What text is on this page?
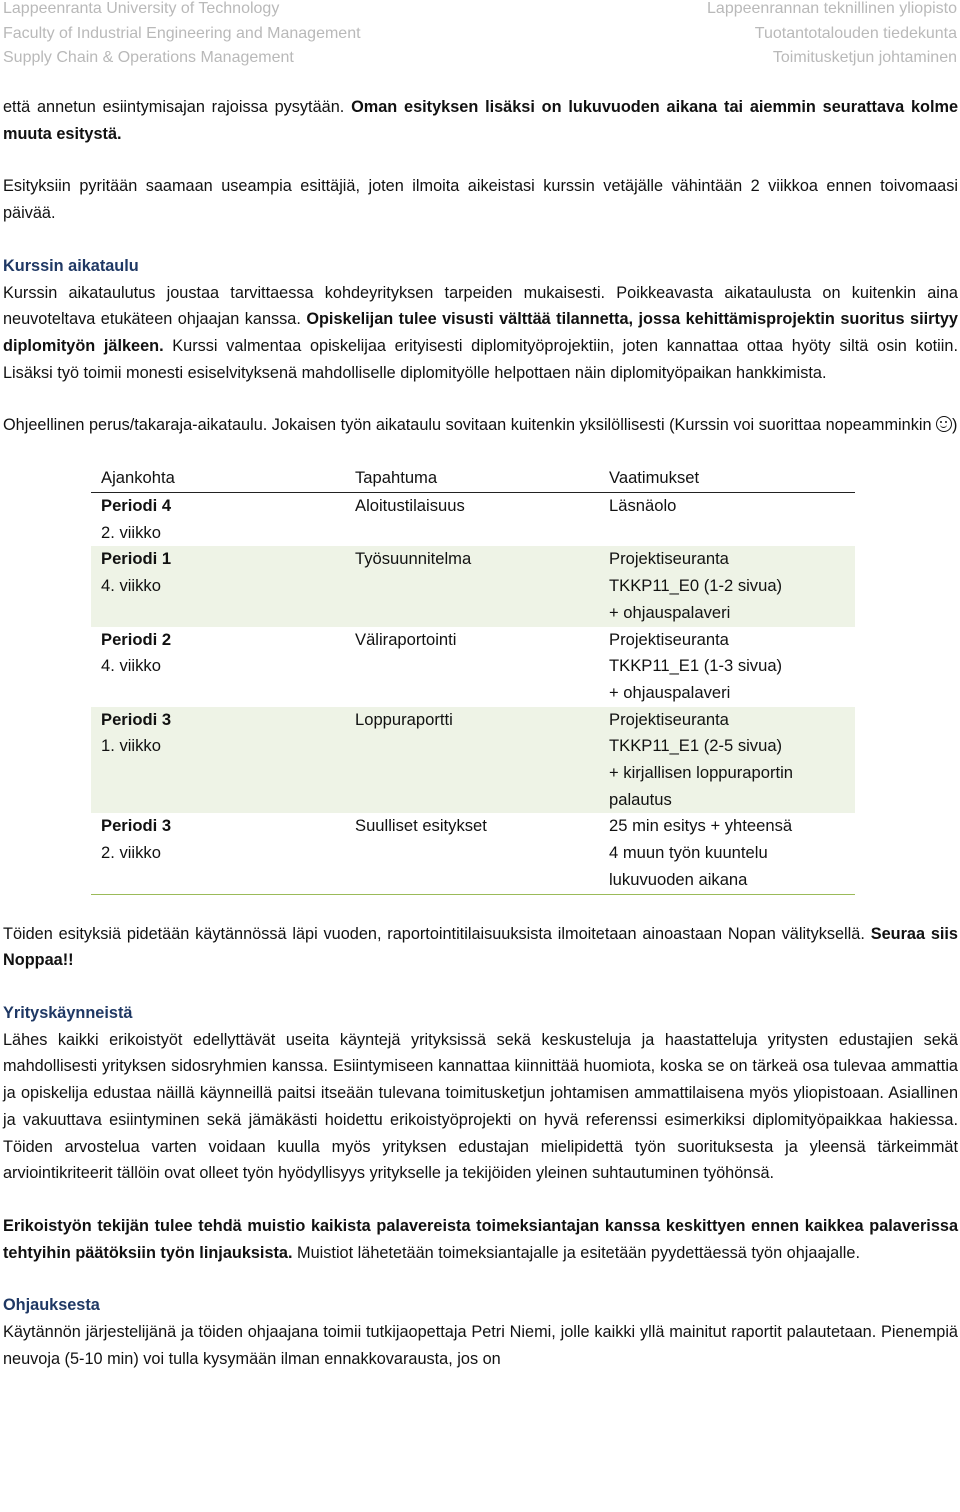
Lappeenranta University of Technology
Faculty of Industrial Engineering and Management
Supply Chain & Operations Management
Lappeenrannan teknillinen yliopisto
Tuotantotalouden tiedekunta
Toimitusketjun johtaminen

että annetun esiintymisajan rajoissa pysytään. Oman esityksen lisäksi on lukuvuoden aikana tai aiemmin seurattava kolme muuta esitystä.

Esityksiin pyritään saamaan useampia esittäjiä, joten ilmoita aikeistasi kurssin vetäjälle vähintään 2 viikkoa ennen toivomaasi päivää.

Kurssin aikataulu

Kurssin aikataulutus joustaa tarvittaessa kohdeyrityksen tarpeiden mukaisesti. Poikkeavasta aikataulusta on kuitenkin aina neuvoteltava etukäteen ohjaajan kanssa. Opiskelijan tulee visusti välttää tilannetta, jossa kehittämisprojektin suoritus siirtyy diplomityön jälkeen. Kurssi valmentaa opiskelijaa erityisesti diplomityöprojektiin, joten kannattaa ottaa hyöty siltä osin kotiin. Lisäksi työ toimii monesti esiselvityksenä mahdolliselle diplomityölle helpottaen näin diplomityöpaikan hankkimista.

Ohjeellinen perus/takaraja-aikataulu. Jokaisen työn aikataulu sovitaan kuitenkin yksilöllisesti (Kurssin voi suorittaa nopeamminkin )

Ajankohta	Tapahtuma	Vaatimukset

Periodi 4
2. viikko	Aloitustilaisuus	Läsnäolo

Periodi 1
4. viikko	Työsuunnitelma	Projektiseuranta
TKKP11_E0 (1-2 sivua)
+ ohjauspalaveri

Periodi 2
4. viikko	Väliraportointi	Projektiseuranta
TKKP11_E1 (1-3 sivua)
+ ohjauspalaveri

Periodi 3
1. viikko	Loppuraportti	Projektiseuranta
TKKP11_E1 (2-5 sivua)
+ kirjallisen loppuraportin
palautus

Periodi 3
2. viikko	Suulliset esitykset	25 min esitys + yhteensä
4 muun työn kuuntelu
lukuvuoden aikana

Töiden esityksiä pidetään käytännössä läpi vuoden, raportointitilaisuuksista ilmoitetaan ainoastaan Nopan välityksellä. Seuraa siis Noppaa!!

Yrityskäynneistä

Lähes kaikki erikoistyöt edellyttävät useita käyntejä yrityksissä sekä keskusteluja ja haastatteluja yritysten edustajien sekä mahdollisesti yrityksen sidosryhmien kanssa. Esiintymiseen kannattaa kiinnittää huomiota, koska se on tärkeä osa tulevaa ammattia ja opiskelija edustaa näillä käynneillä paitsi itseään tulevana toimitusketjun johtamisen ammattilaisena myös yliopistoaan. Asiallinen ja vakuuttava esiintyminen sekä jämäkästi hoidettu erikoistyöprojekti on hyvä referenssi esimerkiksi diplomityöpaikkaa hakiessa. Töiden arvostelua varten voidaan kuulla myös yrityksen edustajan mielipidettä työn suorituksesta ja yleensä tärkeimmät arviointikriteerit tällöin ovat olleet työn hyödyllisyys yritykselle ja tekijöiden yleinen suhtautuminen työhönsä.

Erikoistyön tekijän tulee tehdä muistio kaikista palavereista toimeksiantajan kanssa keskittyen ennen kaikkea palaverissa tehtyihin päätöksiin työn linjauksista. Muistiot lähetetään toimeksiantajalle ja esitetään pyydettäessä työn ohjaajalle.

Ohjauksesta

Käytännön järjestelijänä ja töiden ohjaajana toimii tutkijaopettaja Petri Niemi, jolle kaikki yllä mainitut raportit palautetaan. Pienempiä neuvoja (5-10 min) voi tulla kysymään ilman ennakkovarausta, jos on
